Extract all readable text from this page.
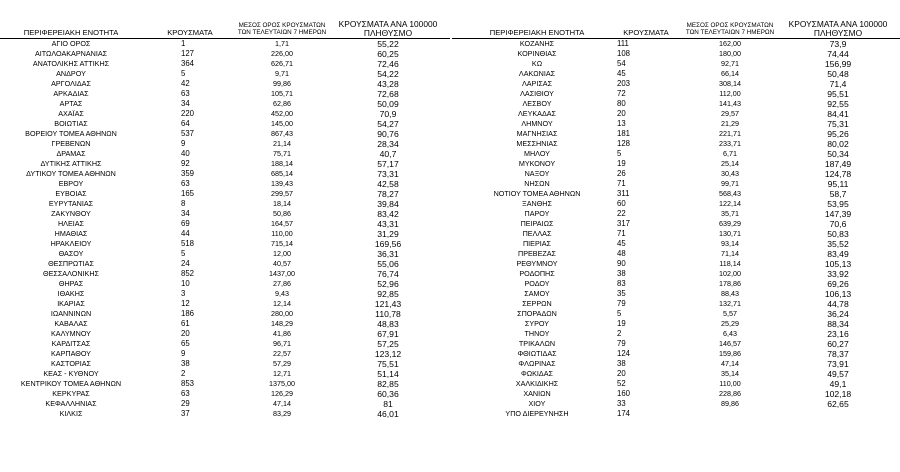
ΠΕΡΙΦΕΡΕΙΑΚΗ ΕΝΟΤΗΤΑ	ΚΡΟΥΣΜΑΤΑ
ΜΕΣΟΣ ΟΡΟΣ ΚΡΟΥΣΜΑΤΩΝ
ΤΩΝ ΤΕΛΕΥΤΑΙΩΝ 7 ΗΜΕΡΩΝ
ΚΡΟΥΣΜΑΤΑ ΑΝΑ 100000
ΠΛΗΘΥΣΜΟ
ΑΓΙΟ ΟΡΟΣ	1	1,71	55,22
ΑΙΤΩΛΟΑΚΑΡΝΑΝΙΑΣ	127	226,00	60,25
ΑΝΑΤΟΛΙΚΗΣ ΑΤΤΙΚΗΣ	364	626,71	72,46
ΑΝΔΡΟΥ	5	9,71	54,22
ΑΡΓΟΛΙΔΑΣ	42	99,86	43,28
ΑΡΚΑΔΙΑΣ	63	105,71	72,68
ΑΡΤΑΣ	34	62,86	50,09
ΑΧΑΪΑΣ	220	452,00	70,9
ΒΟΙΩΤΙΑΣ	64	145,00	54,27
ΒΟΡΕΙΟΥ ΤΟΜΕΑ ΑΘΗΝΩΝ	537	867,43	90,76
ΓΡΕΒΕΝΩΝ	9	21,14	28,34
ΔΡΑΜΑΣ	40	75,71	40,7
ΔΥΤΙΚΗΣ ΑΤΤΙΚΗΣ	92	188,14	57,17
ΔΥΤΙΚΟΥ ΤΟΜΕΑ ΑΘΗΝΩΝ	359	685,14	73,31
ΕΒΡΟΥ	63	139,43	42,58
ΕΥΒΟΙΑΣ	165	299,57	78,27
ΕΥΡΥΤΑΝΙΑΣ	8	18,14	39,84
ΖΑΚΥΝΘΟΥ	34	50,86	83,42
ΗΛΕΙΑΣ	69	164,57	43,31
ΗΜΑΘΙΑΣ	44	110,00	31,29
ΗΡΑΚΛΕΙΟΥ	518	715,14	169,56
ΘΑΣΟΥ	5	12,00	36,31
ΘΕΣΠΡΩΤΙΑΣ	24	40,57	55,06
ΘΕΣΣΑΛΟΝΙΚΗΣ	852	1437,00	76,74
ΘΗΡΑΣ	10	27,86	52,96
ΙΘΑΚΗΣ	3	9,43	92,85
ΙΚΑΡΙΑΣ	12	12,14	121,43
ΙΩΑΝΝΙΝΩΝ	186	280,00	110,78
ΚΑΒΑΛΑΣ	61	148,29	48,83
ΚΑΛΥΜΝΟΥ	20	41,86	67,91
ΚΑΡΔΙΤΣΑΣ	65	96,71	57,25
ΚΑΡΠΑΘΟΥ	9	22,57	123,12
ΚΑΣΤΟΡΙΑΣ	38	57,29	75,51
ΚΕΑΣ - ΚΥΘΝΟΥ	2	12,71	51,14
ΚΕΝΤΡΙΚΟΥ ΤΟΜΕΑ ΑΘΗΝΩΝ	853	1375,00	82,85
ΚΕΡΚΥΡΑΣ	63	126,29	60,36
ΚΕΦΑΛΛΗΝΙΑΣ	29	47,14	81
ΚΙΛΚΙΣ	37	83,29	46,01
ΠΕΡΙΦΕΡΕΙΑΚΗ ΕΝΟΤΗΤΑ	ΚΡΟΥΣΜΑΤΑ
ΜΕΣΟΣ ΟΡΟΣ ΚΡΟΥΣΜΑΤΩΝ
ΤΩΝ ΤΕΛΕΥΤΑΙΩΝ 7 ΗΜΕΡΩΝ
ΚΡΟΥΣΜΑΤΑ ΑΝΑ 100000
ΠΛΗΘΥΣΜΟ
ΚΟΖΑΝΗΣ	111	162,00	73,9
ΚΟΡΙΝΘΙΑΣ	108	180,00	74,44
ΚΩ	54	92,71	156,99
ΛΑΚΩΝΙΑΣ	45	66,14	50,48
ΛΑΡΙΣΑΣ	203	308,14	71,4
ΛΑΣΙΘΙΟΥ	72	112,00	95,51
ΛΕΣΒΟΥ	80	141,43	92,55
ΛΕΥΚΑΔΑΣ	20	29,57	84,41
ΛΗΜΝΟΥ	13	21,29	75,31
ΜΑΓΝΗΣΙΑΣ	181	221,71	95,26
ΜΕΣΣΗΝΙΑΣ	128	233,71	80,02
ΜΗΛΟΥ	5	6,71	50,34
ΜΥΚΟΝΟΥ	19	25,14	187,49
ΝΑΞΟΥ	26	30,43	124,78
ΝΗΣΩΝ	71	99,71	95,11
ΝΟΤΙΟΥ ΤΟΜΕΑ ΑΘΗΝΩΝ	311	568,43	58,7
ΞΑΝΘΗΣ	60	122,14	53,95
ΠΑΡΟΥ	22	35,71	147,39
ΠΕΙΡΑΙΩΣ	317	639,29	70,6
ΠΕΛΛΑΣ	71	130,71	50,83
ΠΙΕΡΙΑΣ	45	93,14	35,52
ΠΡΕΒΕΖΑΣ	48	71,14	83,49
ΡΕΘΥΜΝΟΥ	90	118,14	105,13
ΡΟΔΟΠΗΣ	38	102,00	33,92
ΡΟΔΟΥ	83	178,86	69,26
ΣΑΜΟΥ	35	88,43	106,13
ΣΕΡΡΩΝ	79	132,71	44,78
ΣΠΟΡΑΔΩΝ	5	5,57	36,24
ΣΥΡΟΥ	19	25,29	88,34
ΤΗΝΟΥ	2	6,43	23,16
ΤΡΙΚΑΛΩΝ	79	146,57	60,27
ΦΘΙΩΤΙΔΑΣ	124	159,86	78,37
ΦΛΩΡΙΝΑΣ	38	47,14	73,91
ΦΩΚΙΔΑΣ	20	35,14	49,57
ΧΑΛΚΙΔΙΚΗΣ	52	110,00	49,1
ΧΑΝΙΩΝ	160	228,86	102,18
ΧΙΟΥ	33	89,86	62,65
ΥΠΟ ΔΙΕΡΕΥΝΗΣΗ	174
